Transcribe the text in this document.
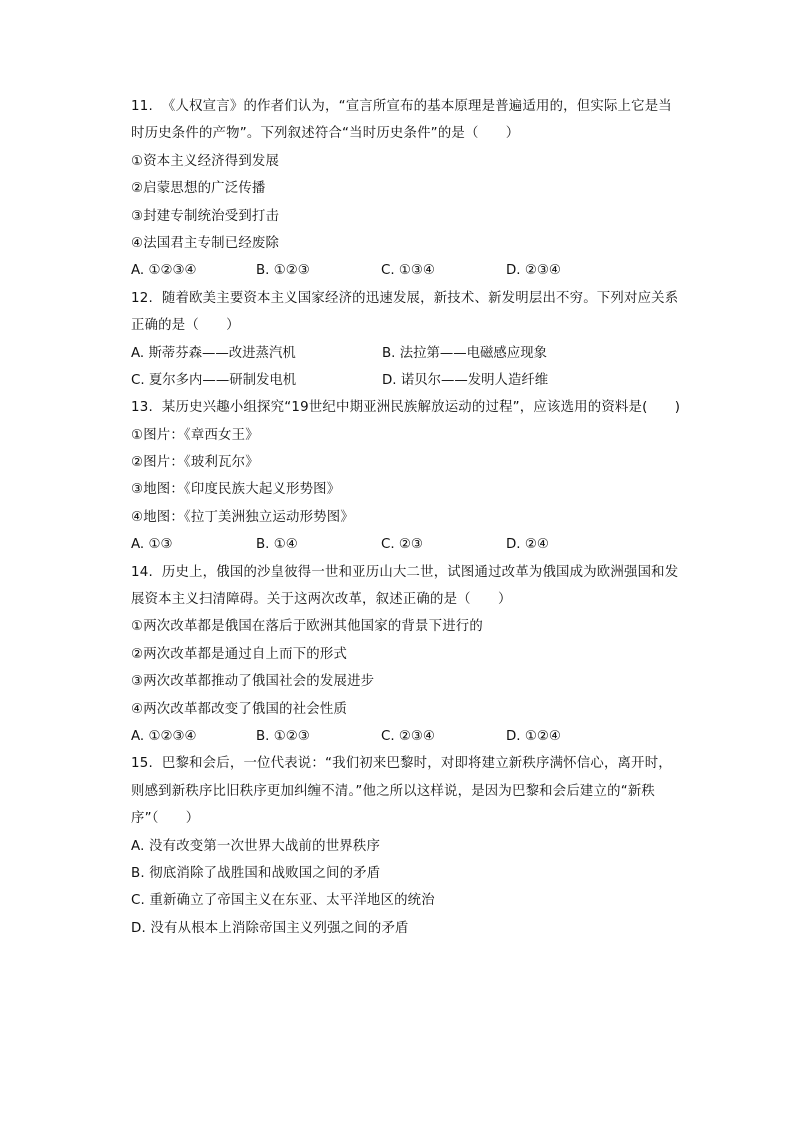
11. 《人权宣言》的作者们认为，“宣言所宣布的基本原理是普遍适用的，但实际上它是当
时历史条件的产物”。下列叙述符合“当时历史条件”的是（　　）
①资本主义经济得到发展
②启蒙思想的广泛传播
③封建专制统治受到打击
④法国君主专制已经废除
A. ①②③④	B. ①②③	C. ①③④	D. ②③④
12. 随着欧美主要资本主义国家经济的迅速发展，新技术、新发明层出不穷。下列对应关系
正确的是（　　）
A. 斯蒂芬森——改进蒸汽机	B. 法拉第——电磁感应现象
C. 夏尔多内——研制发电机	D. 诺贝尔——发明人造纤维
13. 某历史兴趣小组探究“19世纪中期亚洲民族解放运动的过程”，应该选用的资料是(　　)
①图片：《章西女王》
②图片：《玻利瓦尔》
③地图：《印度民族大起义形势图》
④地图：《拉丁美洲独立运动形势图》
A. ①③	B. ①④	C. ②③	D. ②④
14. 历史上，俄国的沙皇彼得一世和亚历山大二世，试图通过改革为俄国成为欧洲强国和发
展资本主义扫清障碍。关于这两次改革，叙述正确的是（　　）
①两次改革都是俄国在落后于欧洲其他国家的背景下进行的
②两次改革都是通过自上而下的形式
③两次改革都推动了俄国社会的发展进步
④两次改革都改变了俄国的社会性质
A. ①②③④	B. ①②③	C. ②③④	D. ①②④
15. 巴黎和会后，一位代表说：“我们初来巴黎时，对即将建立新秩序满怀信心，离开时，
则感到新秩序比旧秩序更加纠缠不清。”他之所以这样说，是因为巴黎和会后建立的“新秩
序”（　　）
A. 没有改变第一次世界大战前的世界秩序
B. 彻底消除了战胜国和战败国之间的矛盾
C. 重新确立了帝国主义在东亚、太平洋地区的统治
D. 没有从根本上消除帝国主义列强之间的矛盾
